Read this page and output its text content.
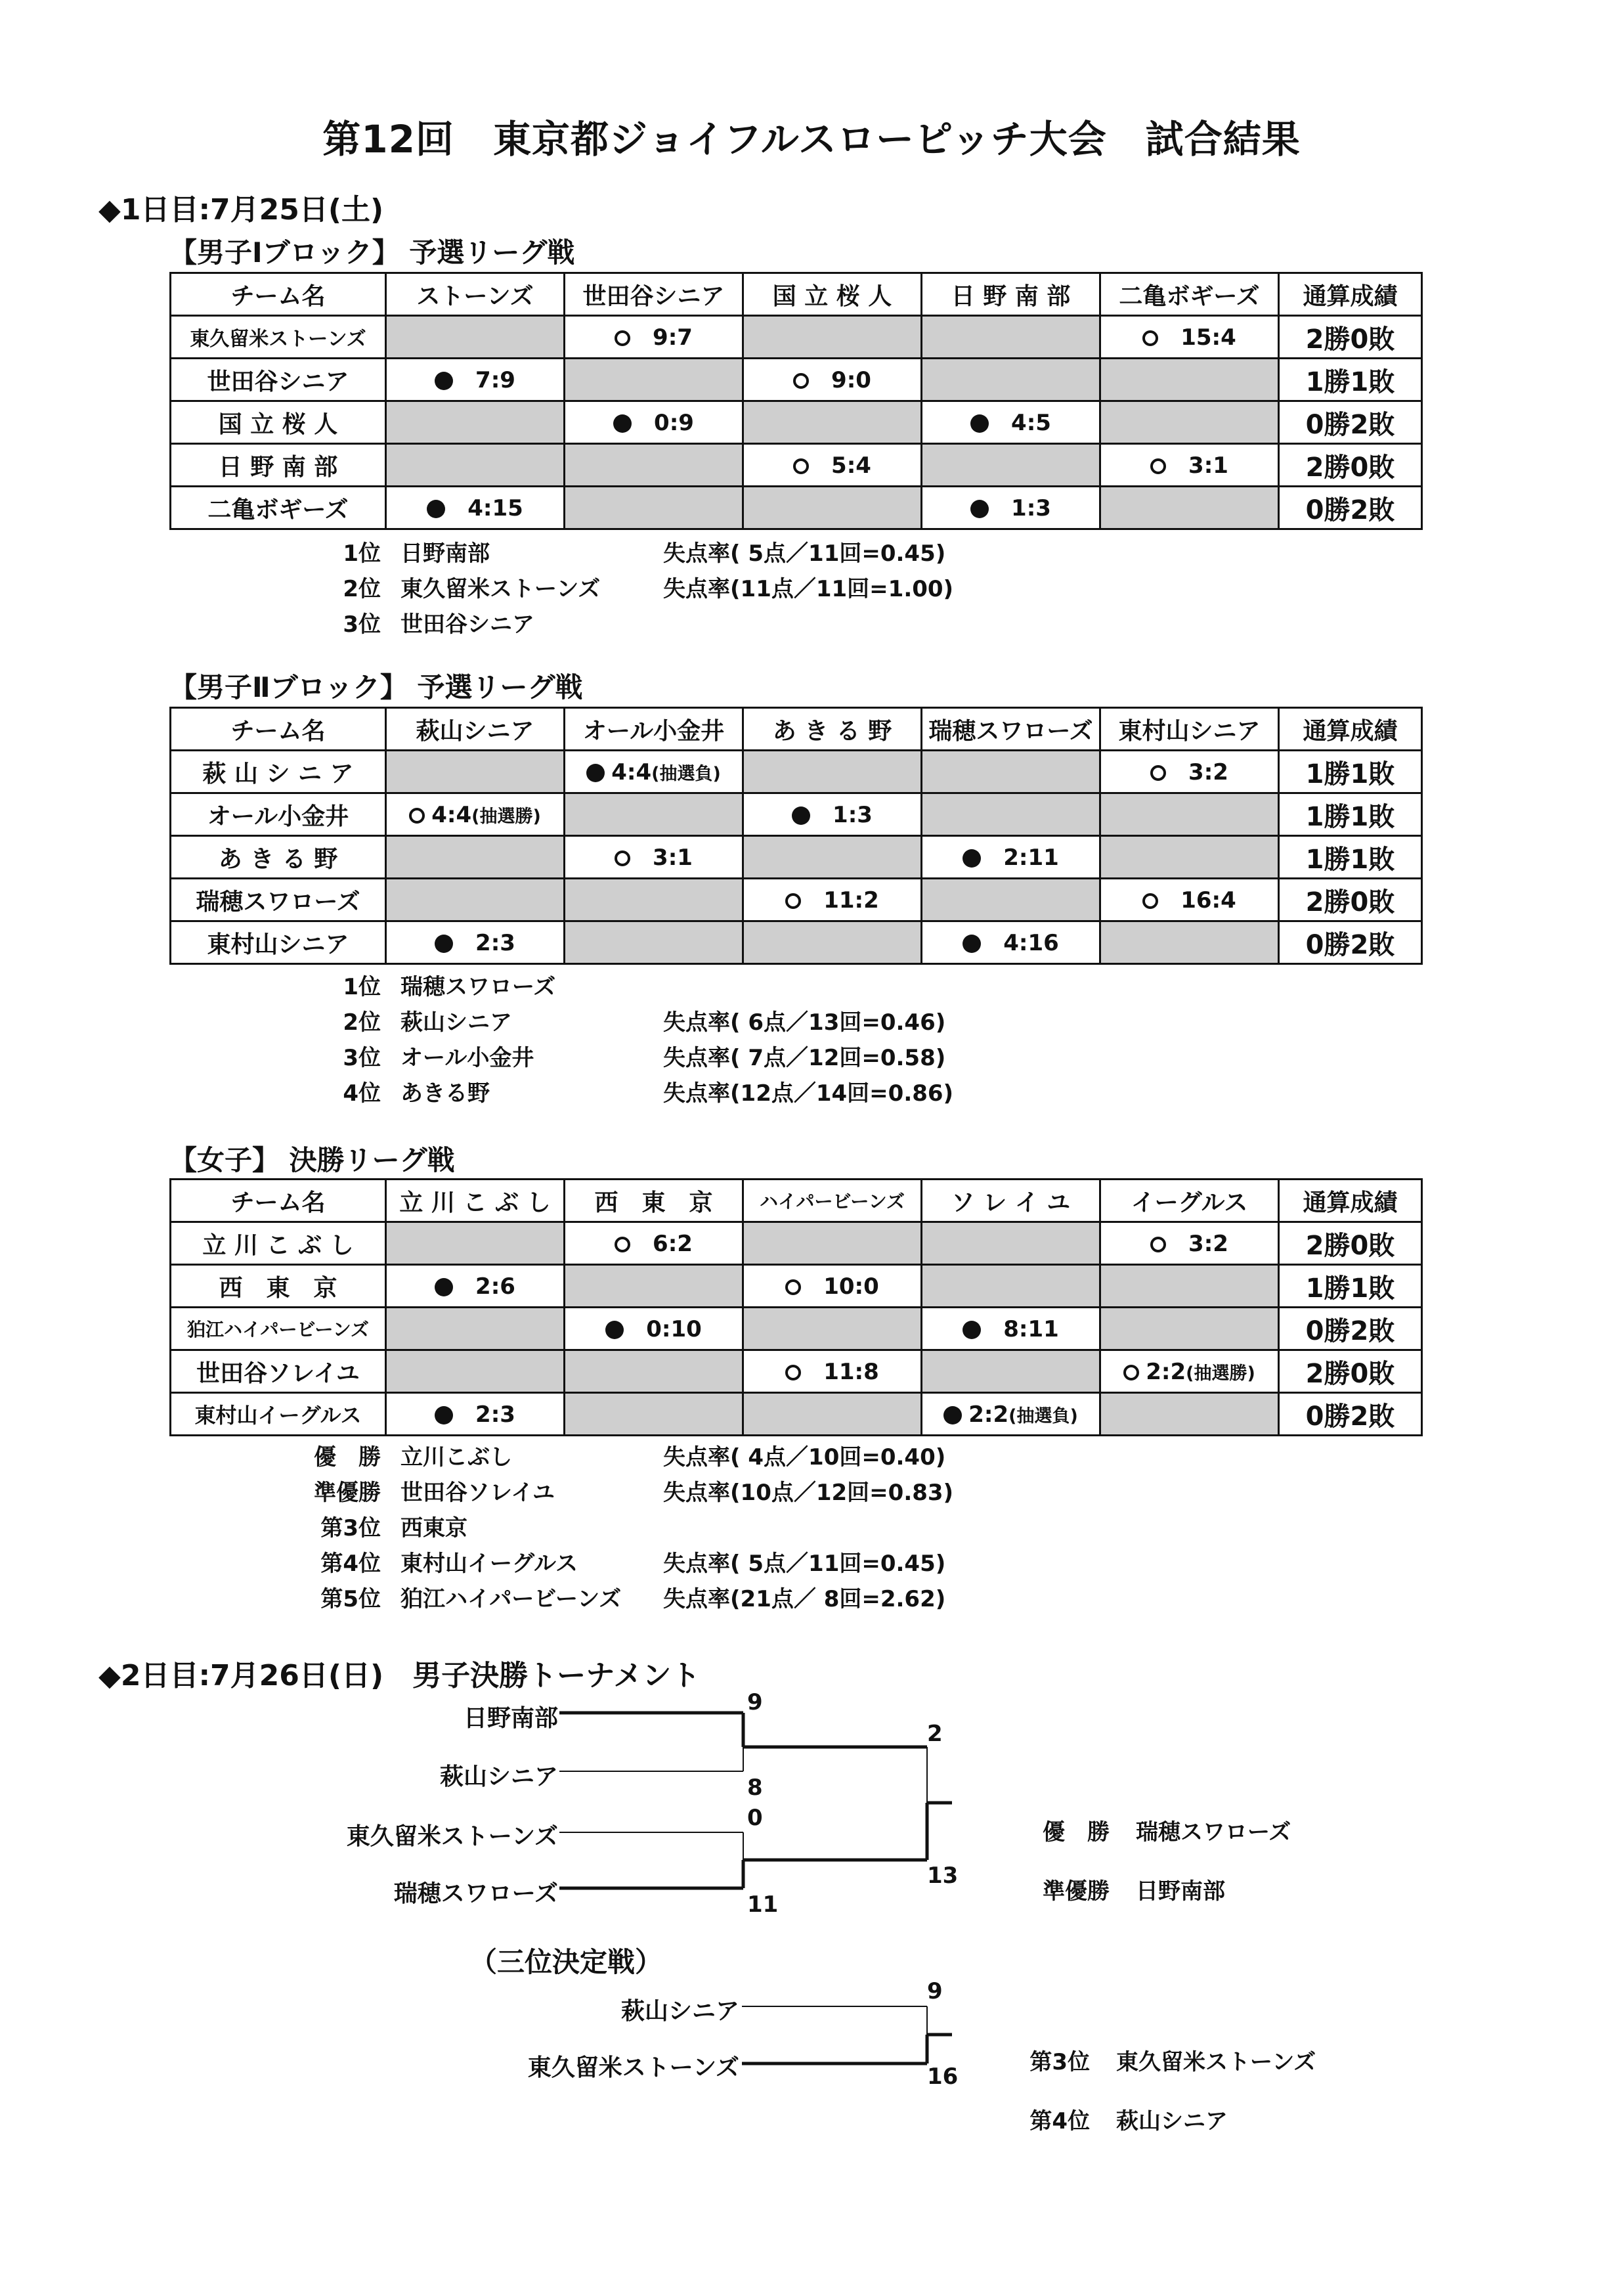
第12回　東京都ジョイフルスローピッチ大会　試合結果
◆1日目:7月25日(土)
【男子Ⅰブロック】 予選リーグ戦
チーム名	ストーンズ	世田谷シニア	国 立 桜 人	日 野 南 部	二亀ボギーズ	通算成績
東久留米ストーンズ		9:7			15:4	2勝0敗
世田谷シニア	7:9		9:0			1勝1敗
国 立 桜 人		0:9		4:5		0勝2敗
日 野 南 部			5:4		3:1	2勝0敗
二亀ボギーズ	4:15			1:3		0勝2敗
1位 日野南部	失点率( 5点／11回=0.45)
2位 東久留米ストーンズ	失点率(11点／11回=1.00)
3位 世田谷シニア
【男子Ⅱブロック】 予選リーグ戦
チーム名	萩山シニア	オール小金井	あ き る 野	瑞穂スワローズ	東村山シニア	通算成績
萩 山 シ ニ ア		4:4(抽選負)			3:2	1勝1敗
オール小金井	4:4(抽選勝)		1:3			1勝1敗
あ き る 野		3:1		2:11		1勝1敗
瑞穂スワローズ			11:2		16:4	2勝0敗
東村山シニア	2:3			4:16		0勝2敗
1位 瑞穂スワローズ
2位 萩山シニア	失点率( 6点／13回=0.46)
3位 オール小金井	失点率( 7点／12回=0.58)
4位 あきる野	失点率(12点／14回=0.86)
【女子】 決勝リーグ戦
チーム名	立 川 こ ぶ し	西　東　京	ハイパービーンズ	ソ レ イ ユ	イーグルス	通算成績
立 川 こ ぶ し		6:2			3:2	2勝0敗
西　東　京	2:6		10:0			1勝1敗
狛江ハイパービーンズ		0:10		8:11		0勝2敗
世田谷ソレイユ			11:8		2:2(抽選勝)	2勝0敗
東村山イーグルス	2:3			2:2(抽選負)		0勝2敗
優　勝 立川こぶし	失点率( 4点／10回=0.40)
準優勝 世田谷ソレイユ	失点率(10点／12回=0.83)
第3位 西東京
第4位 東村山イーグルス	失点率( 5点／11回=0.45)
第5位 狛江ハイパービーンズ 失点率(21点／ 8回=2.62)
◆2日目:7月26日(日)　男子決勝トーナメント
日野南部
萩山シニア
東久留米ストーンズ
瑞穂スワローズ
9
8
0
11
2
13
優　勝 瑞穂スワローズ
準優勝 日野南部
（三位決定戦）
萩山シニア
東久留米ストーンズ
9
16
第3位 東久留米ストーンズ
第4位 萩山シニア
